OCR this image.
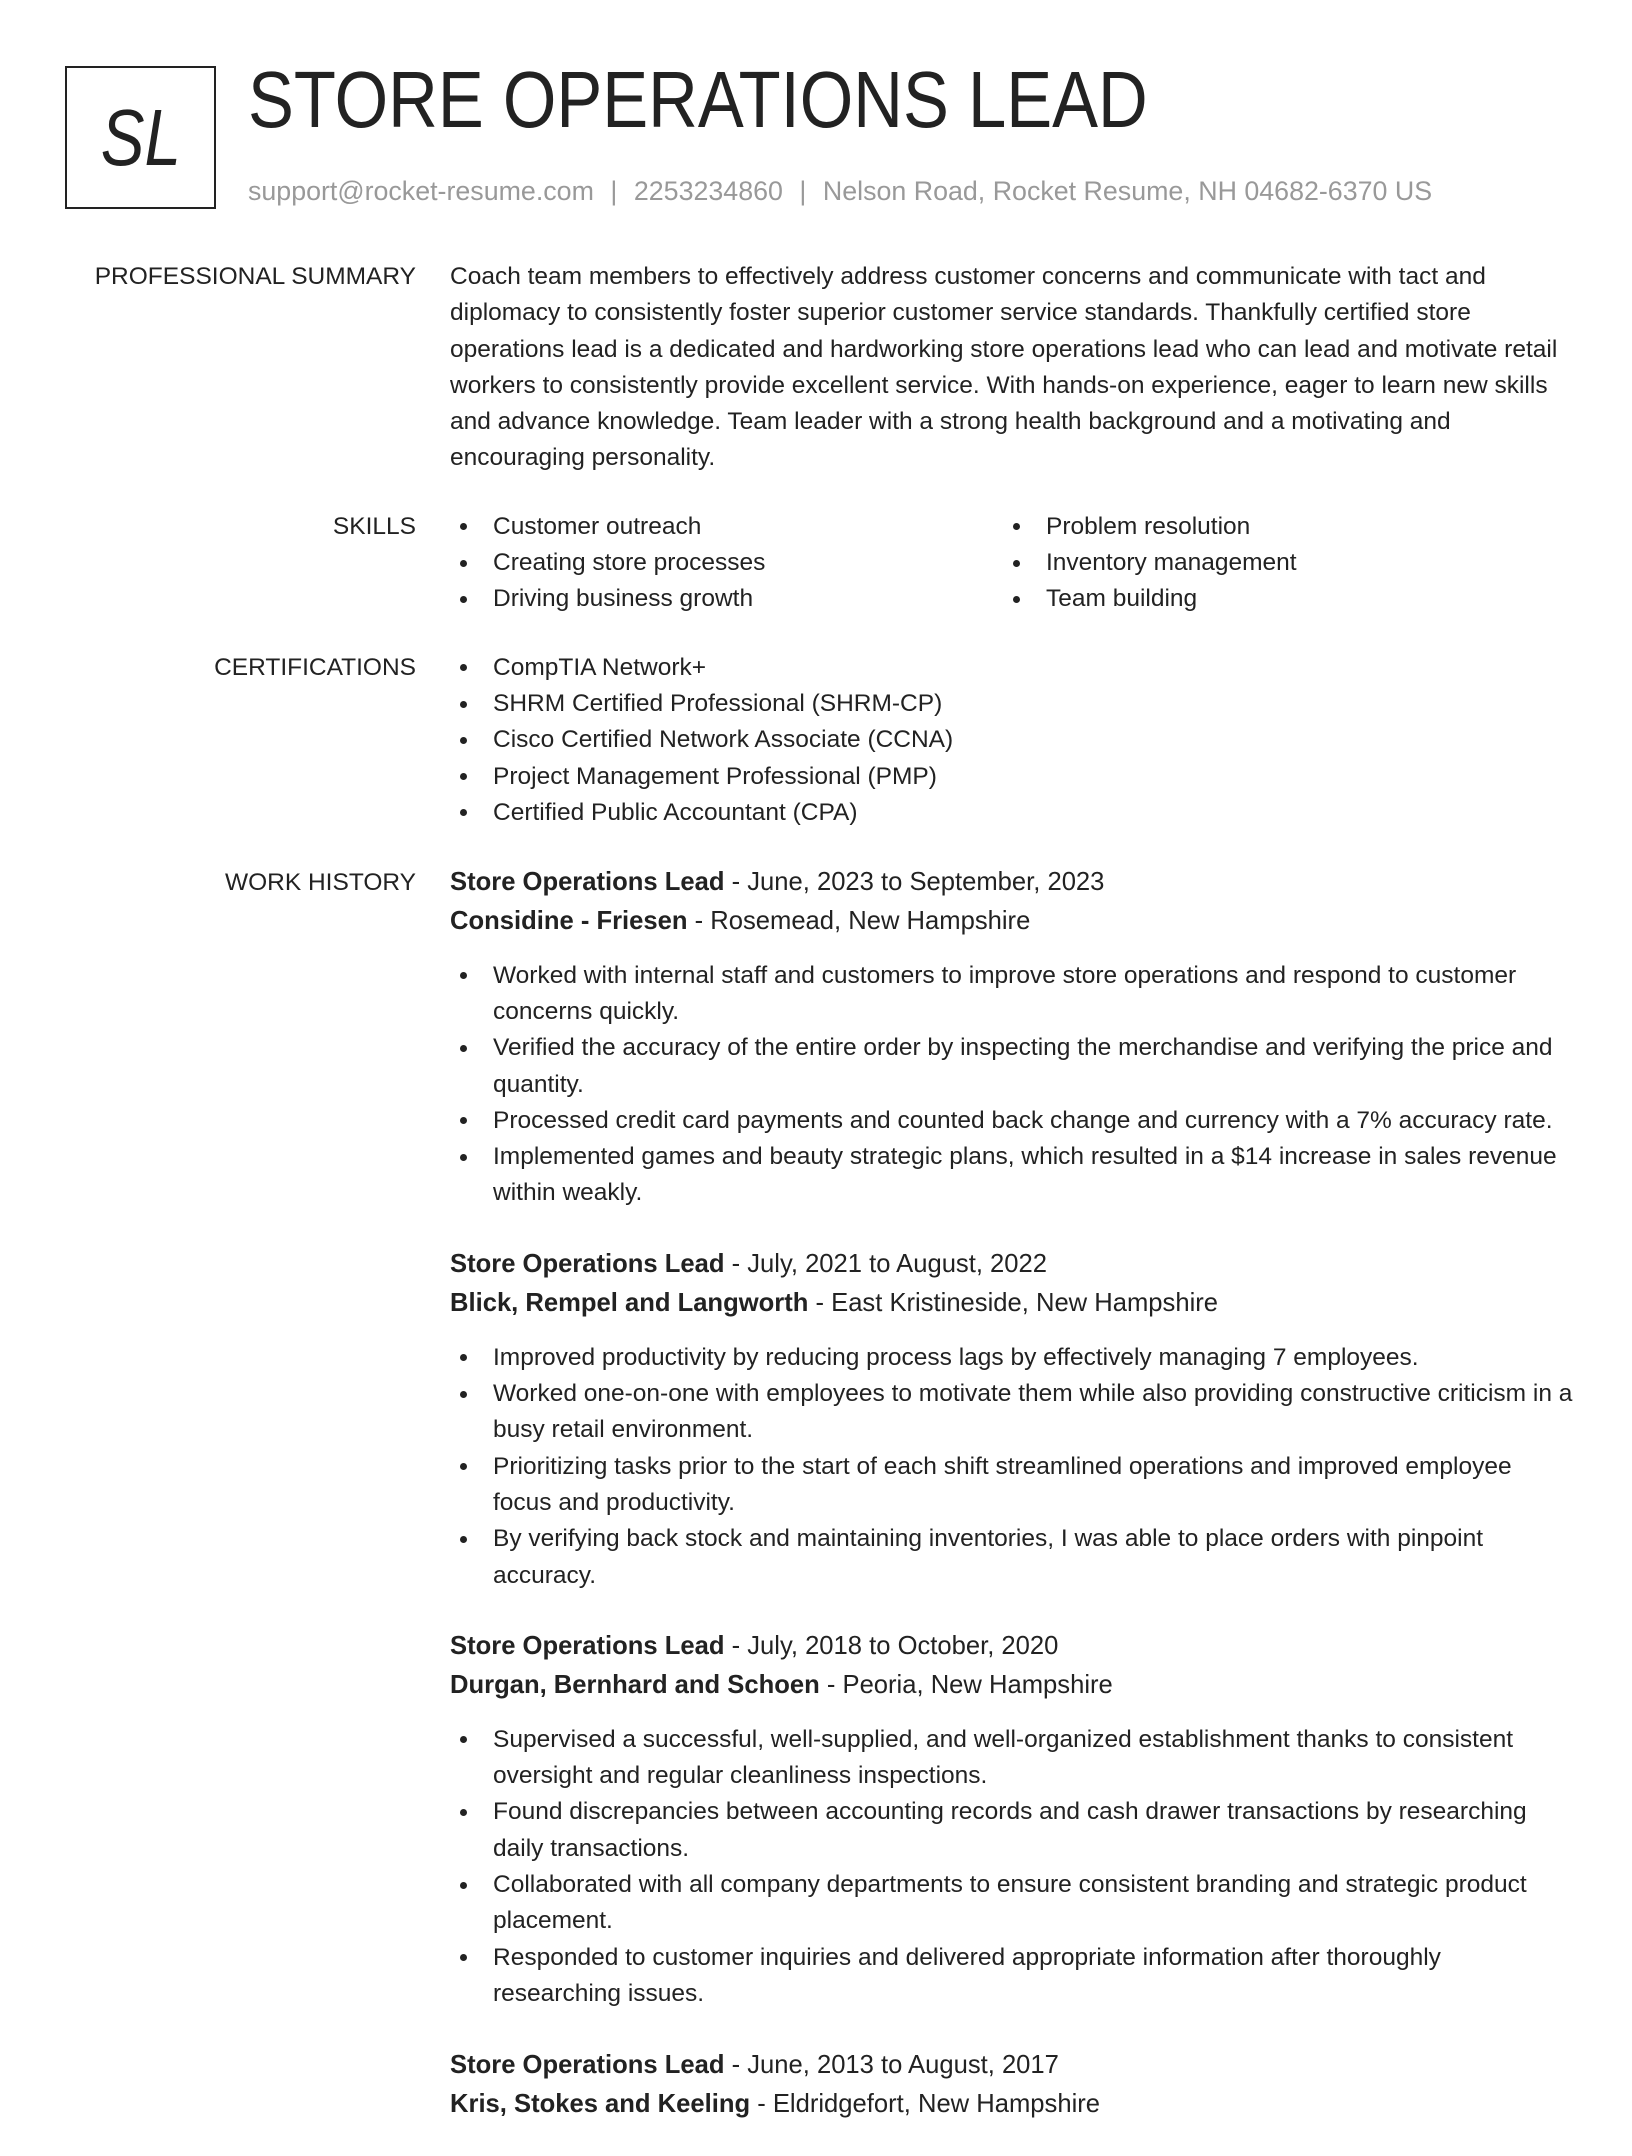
SL STORE OPERATIONS LEAD
support@rocket-resume.com | 2253234860 | Nelson Road, Rocket Resume, NH 04682-6370 US
PROFESSIONAL SUMMARY Coach team members to effectively address customer concerns and communicate with tact and diplomacy to consistently foster superior customer service standards. Thankfully certified store operations lead is a dedicated and hardworking store operations lead who can lead and motivate retail workers to consistently provide excellent service. With hands-on experience, eager to learn new skills and advance knowledge. Team leader with a strong health background and a motivating and encouraging personality.

SKILLS	Customer outreach
Creating store processes
Driving business growth
Problem resolution
Inventory management
Team building
CERTIFICATIONS	CompTIA Network+
SHRM Certified Professional (SHRM-CP)
Cisco Certified Network Associate (CCNA)
Project Management Professional (PMP)
Certified Public Accountant (CPA)
WORK HISTORY Store Operations Lead - June, 2023 to September, 2023
Considine - Friesen - Rosemead, New Hampshire
Worked with internal staff and customers to improve store operations and respond to customer concerns quickly.
Verified the accuracy of the entire order by inspecting the merchandise and verifying the price and quantity.
Processed credit card payments and counted back change and currency with a 7% accuracy rate.
Implemented games and beauty strategic plans, which resulted in a $14 increase in sales revenue within weakly.
Store Operations Lead - July, 2021 to August, 2022
Blick, Rempel and Langworth - East Kristineside, New Hampshire
Improved productivity by reducing process lags by effectively managing 7 employees.
Worked one-on-one with employees to motivate them while also providing constructive criticism in a busy retail environment.
Prioritizing tasks prior to the start of each shift streamlined operations and improved employee focus and productivity.
By verifying back stock and maintaining inventories, I was able to place orders with pinpoint accuracy.
Store Operations Lead - July, 2018 to October, 2020
Durgan, Bernhard and Schoen - Peoria, New Hampshire
Supervised a successful, well-supplied, and well-organized establishment thanks to consistent oversight and regular cleanliness inspections.
Found discrepancies between accounting records and cash drawer transactions by researching daily transactions.
Collaborated with all company departments to ensure consistent branding and strategic product placement.
Responded to customer inquiries and delivered appropriate information after thoroughly researching issues.
Store Operations Lead - June, 2013 to August, 2017
Kris, Stokes and Keeling - Eldridgefort, New Hampshire
